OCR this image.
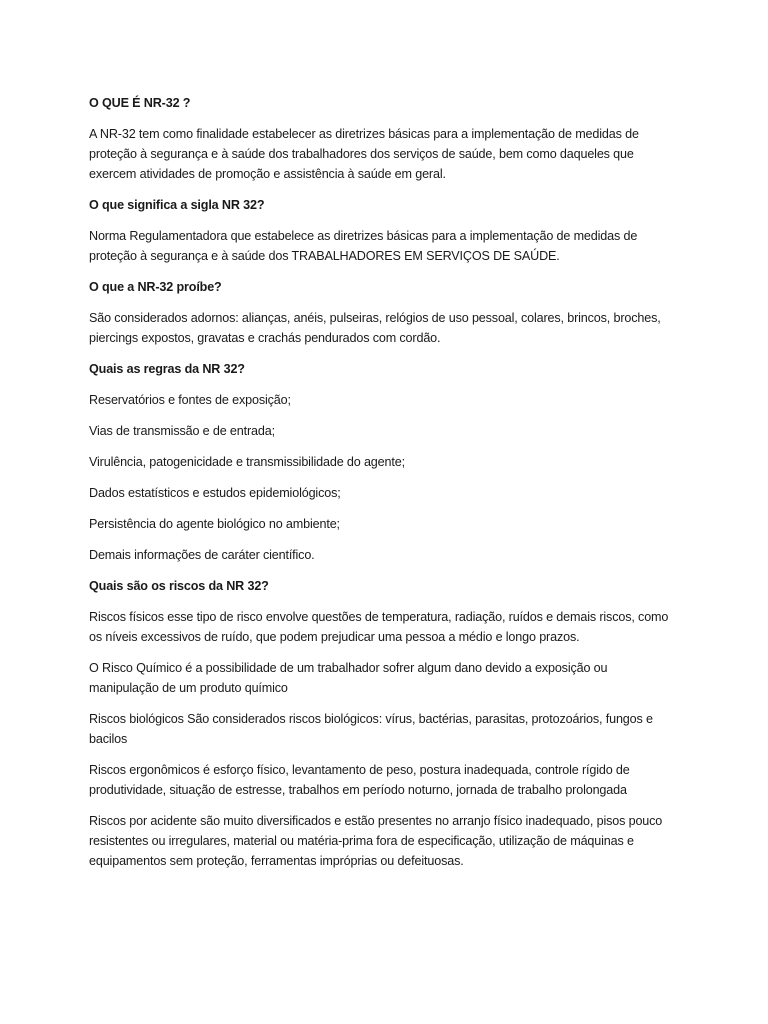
O QUE É NR-32 ?
A NR-32 tem como finalidade estabelecer as diretrizes básicas para a implementação de medidas de proteção à segurança e à saúde dos trabalhadores dos serviços de saúde, bem como daqueles que exercem atividades de promoção e assistência à saúde em geral.
O que significa a sigla NR 32?
Norma Regulamentadora que estabelece as diretrizes básicas para a implementação de medidas de proteção à segurança e à saúde dos TRABALHADORES EM SERVIÇOS DE SAÚDE.
O que a NR-32 proíbe?
São considerados adornos: alianças, anéis, pulseiras, relógios de uso pessoal, colares, brincos, broches, piercings expostos, gravatas e crachás pendurados com cordão.
Quais as regras da NR 32?
Reservatórios e fontes de exposição;
Vias de transmissão e de entrada;
Virulência, patogenicidade e transmissibilidade do agente;
Dados estatísticos e estudos epidemiológicos;
Persistência do agente biológico no ambiente;
Demais informações de caráter científico.
Quais são os riscos da NR 32?
Riscos físicos esse tipo de risco envolve questões de temperatura, radiação, ruídos e demais riscos, como os níveis excessivos de ruído, que podem prejudicar uma pessoa a médio e longo prazos.
O Risco Químico é a possibilidade de um trabalhador sofrer algum dano devido a exposição ou manipulação de um produto químico
Riscos biológicos São considerados riscos biológicos: vírus, bactérias, parasitas, protozoários, fungos e bacilos
Riscos ergonômicos é esforço físico, levantamento de peso, postura inadequada, controle rígido de produtividade, situação de estresse, trabalhos em período noturno, jornada de trabalho prolongada
Riscos por acidente são muito diversificados e estão presentes no arranjo físico inadequado, pisos pouco resistentes ou irregulares, material ou matéria-prima fora de especificação, utilização de máquinas e equipamentos sem proteção, ferramentas impróprias ou defeituosas.
